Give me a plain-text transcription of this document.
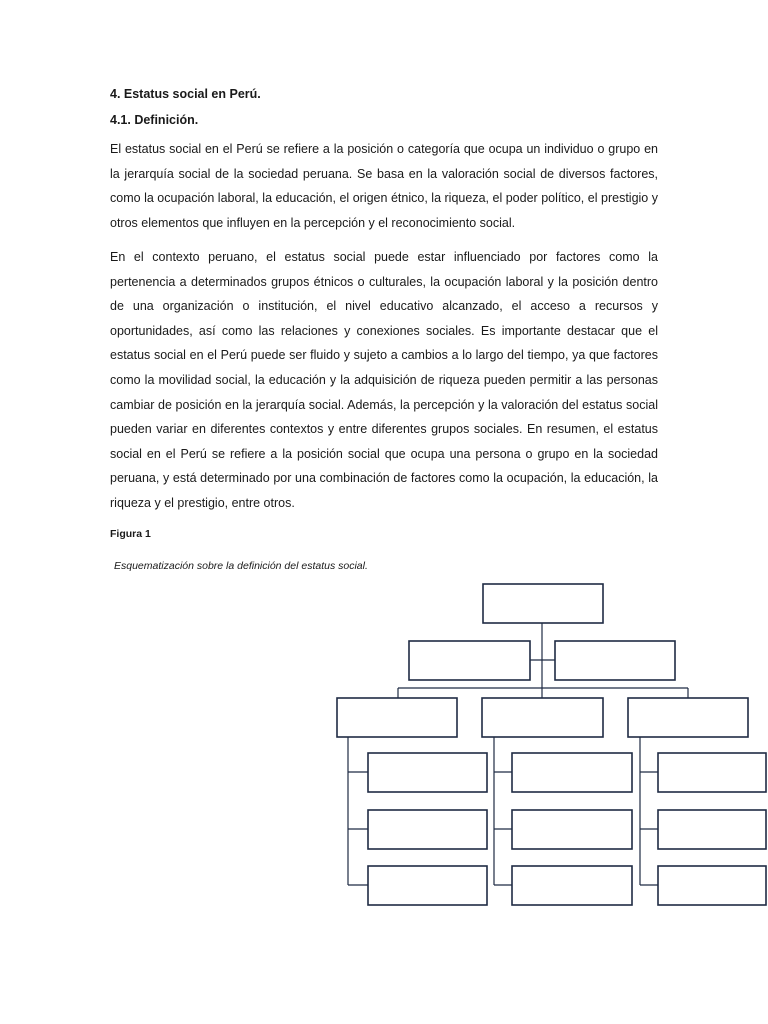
4. Estatus social en Perú.
4.1. Definición.

El estatus social en el Perú se refiere a la posición o categoría que ocupa un individuo o grupo en la jerarquía social de la sociedad peruana. Se basa en la valoración social de diversos factores, como la ocupación laboral, la educación, el origen étnico, la riqueza, el poder político, el prestigio y otros elementos que influyen en la percepción y el reconocimiento social.

En el contexto peruano, el estatus social puede estar influenciado por factores como la pertenencia a determinados grupos étnicos o culturales, la ocupación laboral y la posición dentro de una organización o institución, el nivel educativo alcanzado, el acceso a recursos y oportunidades, así como las relaciones y conexiones sociales. Es importante destacar que el estatus social en el Perú puede ser fluido y sujeto a cambios a lo largo del tiempo, ya que factores como la movilidad social, la educación y la adquisición de riqueza pueden permitir a las personas cambiar de posición en la jerarquía social. Además, la percepción y la valoración del estatus social pueden variar en diferentes contextos y entre diferentes grupos sociales. En resumen, el estatus social en el Perú se refiere a la posición social que ocupa una persona o grupo en la sociedad peruana, y está determinado por una combinación de factores como la ocupación, la educación, la riqueza y el prestigio, entre otros.

Figura 1
Esquematización sobre la definición del estatus social.
